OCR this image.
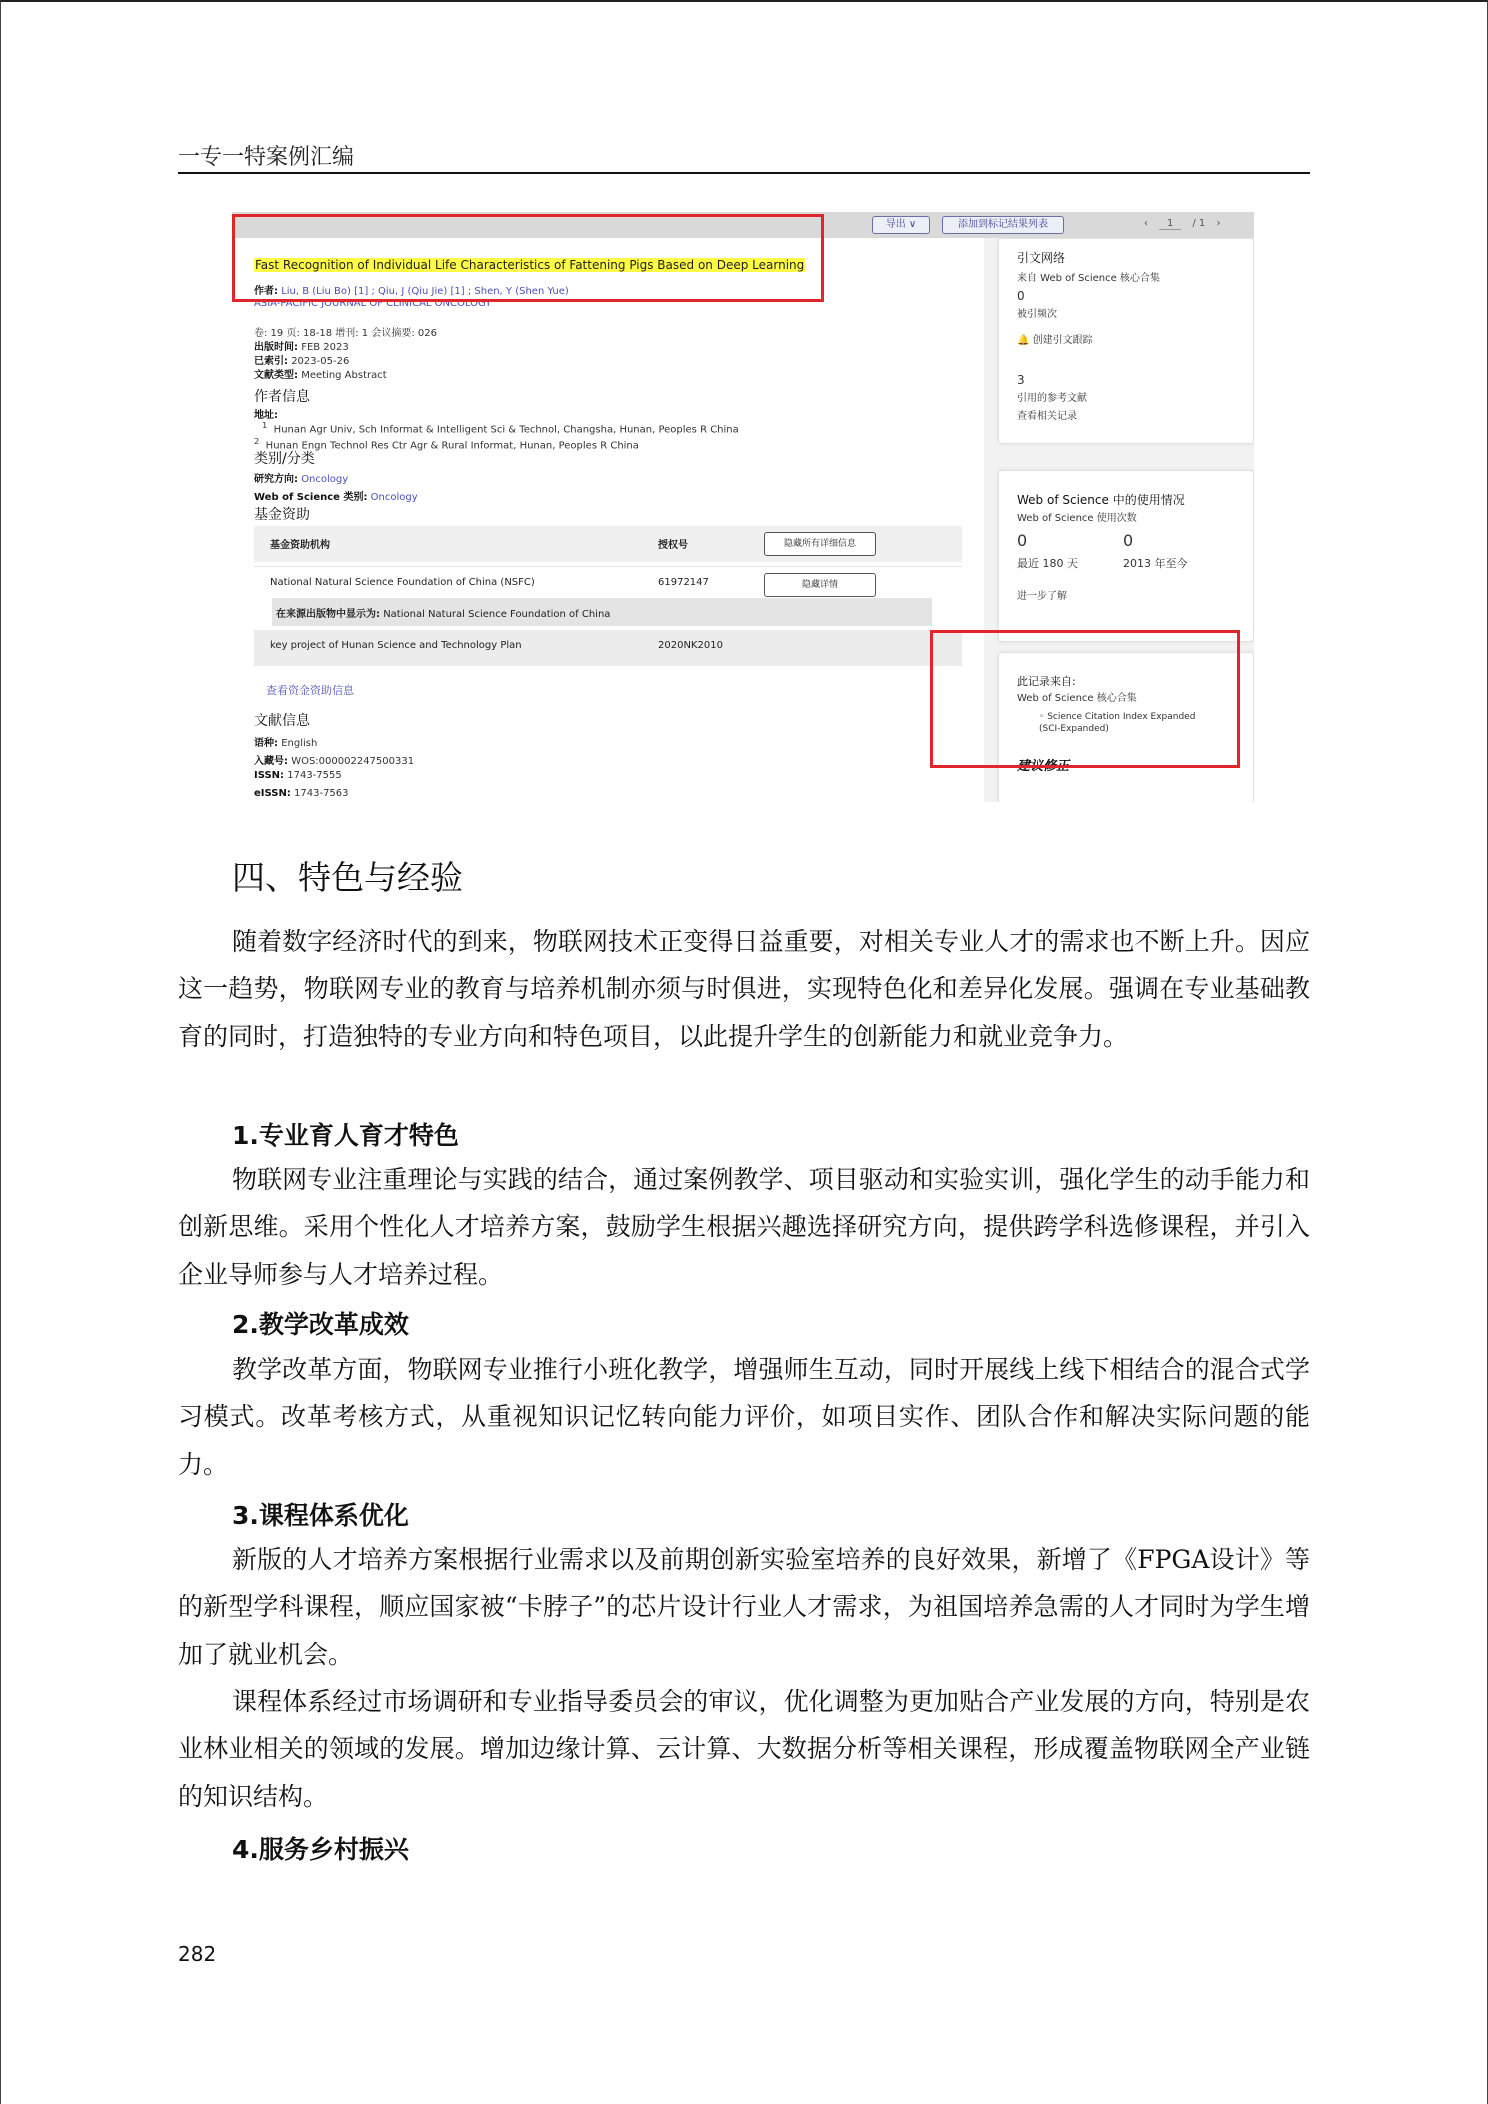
一专一特案例汇编
导出 ∨	添加到标记结果列表	‹ 1 / 1 ›
Fast Recognition of Individual Life Characteristics of Fattening Pigs Based on Deep Learning
作者: Liu, B (Liu Bo) [1] ; Qiu, J (Qiu Jie) [1] ; Shen, Y (Shen Yue)
ASIA-PACIFIC JOURNAL OF CLINICAL ONCOLOGY
卷: 19 页: 18-18 增刊: 1 会议摘要: 026
出版时间: FEB 2023
已索引: 2023-05-26
文献类型: Meeting Abstract
作者信息
地址:
$^1$ Hunan Agr Univ, Sch Informat & Intelligent Sci & Technol, Changsha, Hunan, Peoples R China
$^2$ Hunan Engn Technol Res Ctr Agr & Rural Informat, Hunan, Peoples R China
类别/分类
研究方向: Oncology
Web of Science 类别: Oncology
基金资助
基金资助机构	授权号	隐藏所有详细信息
National Natural Science Foundation of China (NSFC)	61972147	隐藏详情
在来源出版物中显示为: National Natural Science Foundation of China
key project of Hunan Science and Technology Plan	2020NK2010
查看资金资助信息
文献信息
语种: English
入藏号: WOS:000002247500331
ISSN: 1743-7555
eISSN: 1743-7563
引文网络
来自 Web of Science 核心合集
0
被引频次
🔔 创建引文跟踪
3
引用的参考文献
查看相关记录
Web of Science 中的使用情况
Web of Science 使用次数
0	0
最近 180 天	2013 年至今
进一步了解
此记录来自:
Web of Science 核心合集
◦ Science Citation Index Expanded (SCI-Expanded)
建议修正
四、特色与经验

随着数字经济时代的到来，物联网技术正变得日益重要，对相关专业人才的需求也不断上升。因应这一趋势，物联网专业的教育与培养机制亦须与时俱进，实现特色化和差异化发展。强调在专业基础教育的同时，打造独特的专业方向和特色项目，以此提升学生的创新能力和就业竞争力。

1.专业育人育才特色

物联网专业注重理论与实践的结合，通过案例教学、项目驱动和实验实训，强化学生的动手能力和创新思维。采用个性化人才培养方案，鼓励学生根据兴趣选择研究方向，提供跨学科选修课程，并引入企业导师参与人才培养过程。

2.教学改革成效

教学改革方面，物联网专业推行小班化教学，增强师生互动，同时开展线上线下相结合的混合式学习模式。改革考核方式，从重视知识记忆转向能力评价，如项目实作、团队合作和解决实际问题的能力。

3.课程体系优化

新版的人才培养方案根据行业需求以及前期创新实验室培养的良好效果，新增了《FPGA设计》等的新型学科课程，顺应国家被“卡脖子”的芯片设计行业人才需求，为祖国培养急需的人才同时为学生增加了就业机会。

课程体系经过市场调研和专业指导委员会的审议，优化调整为更加贴合产业发展的方向，特别是农业林业相关的领域的发展。增加边缘计算、云计算、大数据分析等相关课程，形成覆盖物联网全产业链的知识结构。

4.服务乡村振兴
282
